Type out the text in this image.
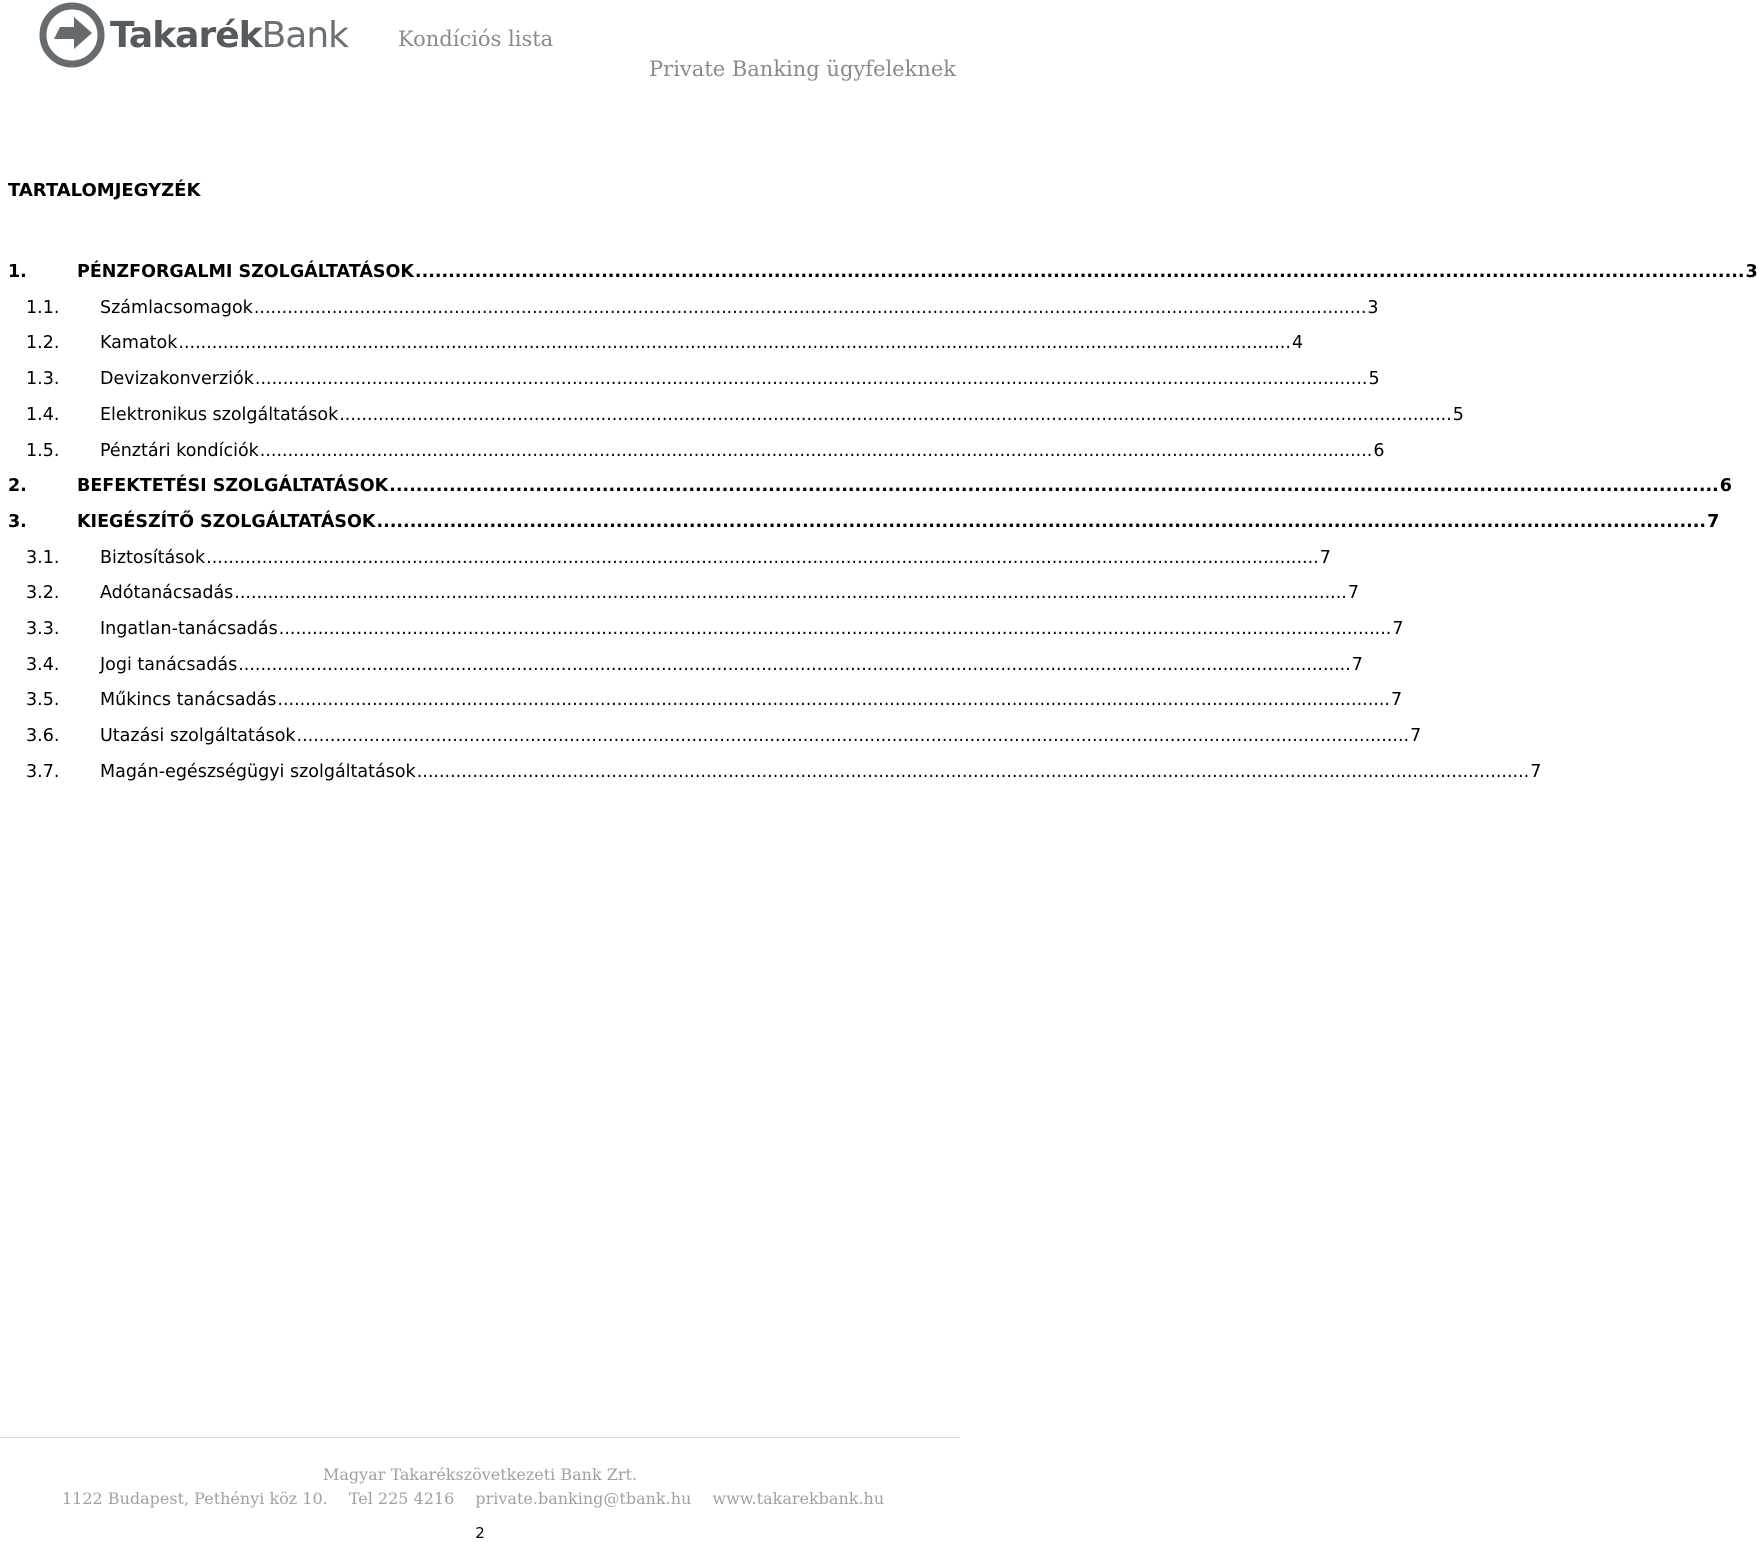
TakarékBank Kondíciós lista
Private Banking ügyfeleknek
TARTALOMJEGYZÉK
1.	PÉNZFORGALMI SZOLGÁLTATÁSOK ........................................................................................................................................................................................................ 3
1.1. Számlacsomagok ........................................................................................................................................................................................................ 3
1.2. Kamatok ........................................................................................................................................................................................................ 4
1.3. Devizakonverziók ........................................................................................................................................................................................................ 5
1.4. Elektronikus szolgáltatások ........................................................................................................................................................................................................ 5
1.5. Pénztári kondíciók ........................................................................................................................................................................................................ 6
2.	BEFEKTETÉSI SZOLGÁLTATÁSOK ........................................................................................................................................................................................................ 6
3.	KIEGÉSZÍTŐ SZOLGÁLTATÁSOK ........................................................................................................................................................................................................ 7
3.1. Biztosítások ........................................................................................................................................................................................................ 7
3.2. Adótanácsadás ........................................................................................................................................................................................................ 7
3.3. Ingatlan-tanácsadás ........................................................................................................................................................................................................ 7
3.4. Jogi tanácsadás ........................................................................................................................................................................................................ 7
3.5. Műkincs tanácsadás ........................................................................................................................................................................................................ 7
3.6. Utazási szolgáltatások ........................................................................................................................................................................................................ 7
3.7. Magán-egészségügyi szolgáltatások ........................................................................................................................................................................................................ 7
Magyar Takarékszövetkezeti Bank Zrt.
1122 Budapest, Pethényi köz 10. Tel 225 4216 private.banking@tbank.hu www.takarekbank.hu
2
